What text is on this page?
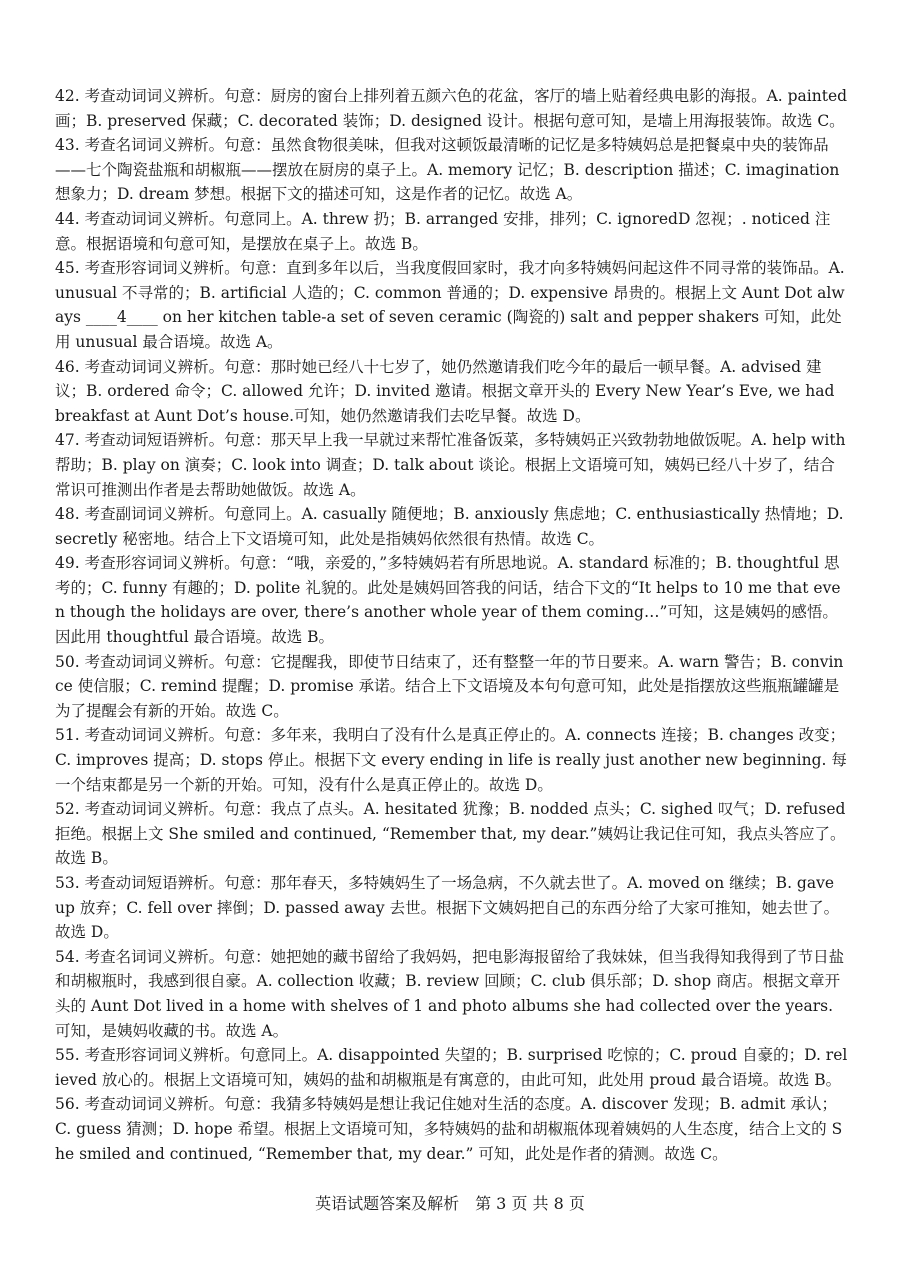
42. 考查动词词义辨析。句意：厨房的窗台上排列着五颜六色的花盆，客厅的墙上贴着经典电影的海报。A. painted 画；B. preserved 保藏；C. decorated 装饰；D. designed 设计。根据句意可知，是墙上用海报装饰。故选 C。

43. 考查名词词义辨析。句意：虽然食物很美味，但我对这顿饭最清晰的记忆是多特姨妈总是把餐桌中央的装饰品——七个陶瓷盐瓶和胡椒瓶——摆放在厨房的桌子上。A. memory 记忆；B. description 描述；C. imagination 想象力；D. dream 梦想。根据下文的描述可知，这是作者的记忆。故选 A。

44. 考查动词词义辨析。句意同上。A. threw 扔；B. arranged 安排，排列；C. ignoredD 忽视；. noticed 注意。根据语境和句意可知，是摆放在桌子上。故选 B。

45. 考查形容词词义辨析。句意：直到多年以后，当我度假回家时，我才向多特姨妈问起这件不同寻常的装饰品。A. unusual 不寻常的；B. artificial 人造的；C. common 普通的；D. expensive 昂贵的。根据上文 Aunt Dot always ____4____ on her kitchen table-a set of seven ceramic (陶瓷的) salt and pepper shakers 可知，此处用 unusual 最合语境。故选 A。

46. 考查动词词义辨析。句意：那时她已经八十七岁了，她仍然邀请我们吃今年的最后一顿早餐。A. advised 建议；B. ordered 命令；C. allowed 允许；D. invited 邀请。根据文章开头的 Every New Year’s Eve, we had breakfast at Aunt Dot’s house.可知，她仍然邀请我们去吃早餐。故选 D。

47. 考查动词短语辨析。句意：那天早上我一早就过来帮忙准备饭菜，多特姨妈正兴致勃勃地做饭呢。A. help with 帮助；B. play on 演奏；C. look into 调查；D. talk about 谈论。根据上文语境可知，姨妈已经八十岁了，结合常识可推测出作者是去帮助她做饭。故选 A。

48. 考查副词词义辨析。句意同上。A. casually 随便地；B. anxiously 焦虑地；C. enthusiastically 热情地；D. secretly 秘密地。结合上下文语境可知，此处是指姨妈依然很有热情。故选 C。

49. 考查形容词词义辨析。句意：“哦，亲爱的，”多特姨妈若有所思地说。A. standard 标准的；B. thoughtful 思考的；C. funny 有趣的；D. polite 礼貌的。此处是姨妈回答我的问话，结合下文的“It helps to 10 me that even though the holidays are over, there’s another whole year of them coming…”可知，这是姨妈的感悟。因此用 thoughtful 最合语境。故选 B。

50. 考查动词词义辨析。句意：它提醒我，即使节日结束了，还有整整一年的节日要来。A. warn 警告；B. convince 使信服；C. remind 提醒；D. promise 承诺。结合上下文语境及本句句意可知，此处是指摆放这些瓶瓶罐罐是为了提醒会有新的开始。故选 C。

51. 考查动词词义辨析。句意：多年来，我明白了没有什么是真正停止的。A. connects 连接；B. changes 改变；C. improves 提高；D. stops 停止。根据下文 every ending in life is really just another new beginning. 每一个结束都是另一个新的开始。可知，没有什么是真正停止的。故选 D。

52. 考查动词词义辨析。句意：我点了点头。A. hesitated 犹豫；B. nodded 点头；C. sighed 叹气；D. refused 拒绝。根据上文 She smiled and continued, “Remember that, my dear.”姨妈让我记住可知，我点头答应了。故选 B。

53. 考查动词短语辨析。句意：那年春天，多特姨妈生了一场急病，不久就去世了。A. moved on 继续；B. gave up 放弃；C. fell over 摔倒；D. passed away 去世。根据下文姨妈把自己的东西分给了大家可推知，她去世了。故选 D。

54. 考查名词词义辨析。句意：她把她的藏书留给了我妈妈，把电影海报留给了我妹妹，但当我得知我得到了节日盐和胡椒瓶时，我感到很自豪。A. collection 收藏；B. review 回顾；C. club 俱乐部；D. shop 商店。根据文章开头的 Aunt Dot lived in a home with shelves of 1 and photo albums she had collected over the years. 可知，是姨妈收藏的书。故选 A。

55. 考查形容词词义辨析。句意同上。A. disappointed 失望的；B. surprised 吃惊的；C. proud 自豪的；D. relieved 放心的。根据上文语境可知，姨妈的盐和胡椒瓶是有寓意的，由此可知，此处用 proud 最合语境。故选 B。

56. 考查动词词义辨析。句意：我猜多特姨妈是想让我记住她对生活的态度。A. discover 发现；B. admit 承认；C. guess 猜测；D. hope 希望。根据上文语境可知，多特姨妈的盐和胡椒瓶体现着姨妈的人生态度，结合上文的 She smiled and continued, “Remember that, my dear.” 可知，此处是作者的猜测。故选 C。

英语试题答案及解析　第 3 页 共 8 页
